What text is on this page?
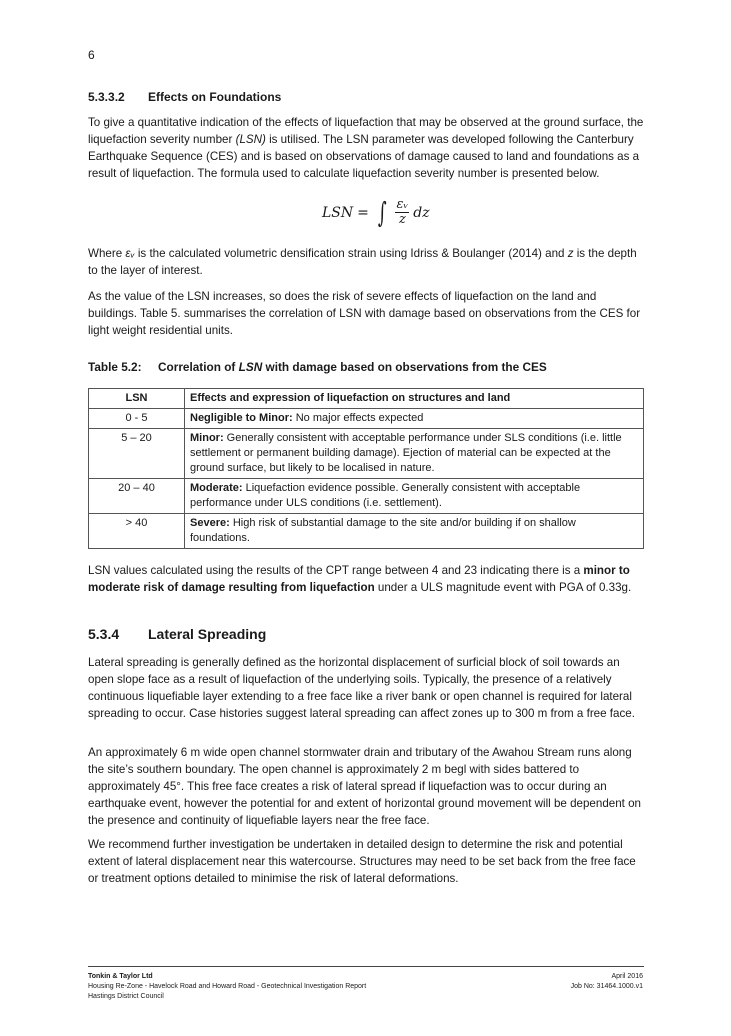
6
5.3.3.2 Effects on Foundations

To give a quantitative indication of the effects of liquefaction that may be observed at the ground surface, the liquefaction severity number (LSN) is utilised. The LSN parameter was developed following the Canterbury Earthquake Sequence (CES) and is based on observations of damage caused to land and foundations as a result of liquefaction. The formula used to calculate liquefaction severity number is presented below.

LSN = ∫ $\frac{\text{εᵥ}}{z}$ dz

Where εᵥ is the calculated volumetric densification strain using Idriss & Boulanger (2014) and z is the depth to the layer of interest.

As the value of the LSN increases, so does the risk of severe effects of liquefaction on the land and buildings. Table 5. summarises the correlation of LSN with damage based on observations from the CES for light weight residential units.

Table 5.2: Correlation of LSN with damage based on observations from the CES
LSN	Effects and expression of liquefaction on structures and land
0 - 5	Negligible to Minor: No major effects expected
5 – 20	Minor: Generally consistent with acceptable performance under SLS conditions (i.e. little settlement or permanent building damage). Ejection of material can be expected at the ground surface, but likely to be localised in nature.
20 – 40	Moderate: Liquefaction evidence possible. Generally consistent with acceptable performance under ULS conditions (i.e. settlement).
> 40	Severe: High risk of substantial damage to the site and/or building if on shallow foundations.

LSN values calculated using the results of the CPT range between 4 and 23 indicating there is a minor to moderate risk of damage resulting from liquefaction under a ULS magnitude event with PGA of 0.33g.

5.3.4 Lateral Spreading

Lateral spreading is generally defined as the horizontal displacement of surficial block of soil towards an open slope face as a result of liquefaction of the underlying soils. Typically, the presence of a relatively continuous liquefiable layer extending to a free face like a river bank or open channel is required for lateral spreading to occur. Case histories suggest lateral spreading can affect zones up to 300 m from a free face.

An approximately 6 m wide open channel stormwater drain and tributary of the Awahou Stream runs along the site’s southern boundary. The open channel is approximately 2 m begl with sides battered to approximately 45°. This free face creates a risk of lateral spread if liquefaction was to occur during an earthquake event, however the potential for and extent of horizontal ground movement will be dependent on the presence and continuity of liquefiable layers near the free face.

We recommend further investigation be undertaken in detailed design to determine the risk and potential extent of lateral displacement near this watercourse. Structures may need to be set back from the free face or treatment options detailed to minimise the risk of lateral deformations.

Tonkin & Taylor Ltd
Housing Re-Zone - Havelock Road and Howard Road - Geotechnical Investigation Report
Hastings District Council
April 2016
Job No: 31464.1000.v1
